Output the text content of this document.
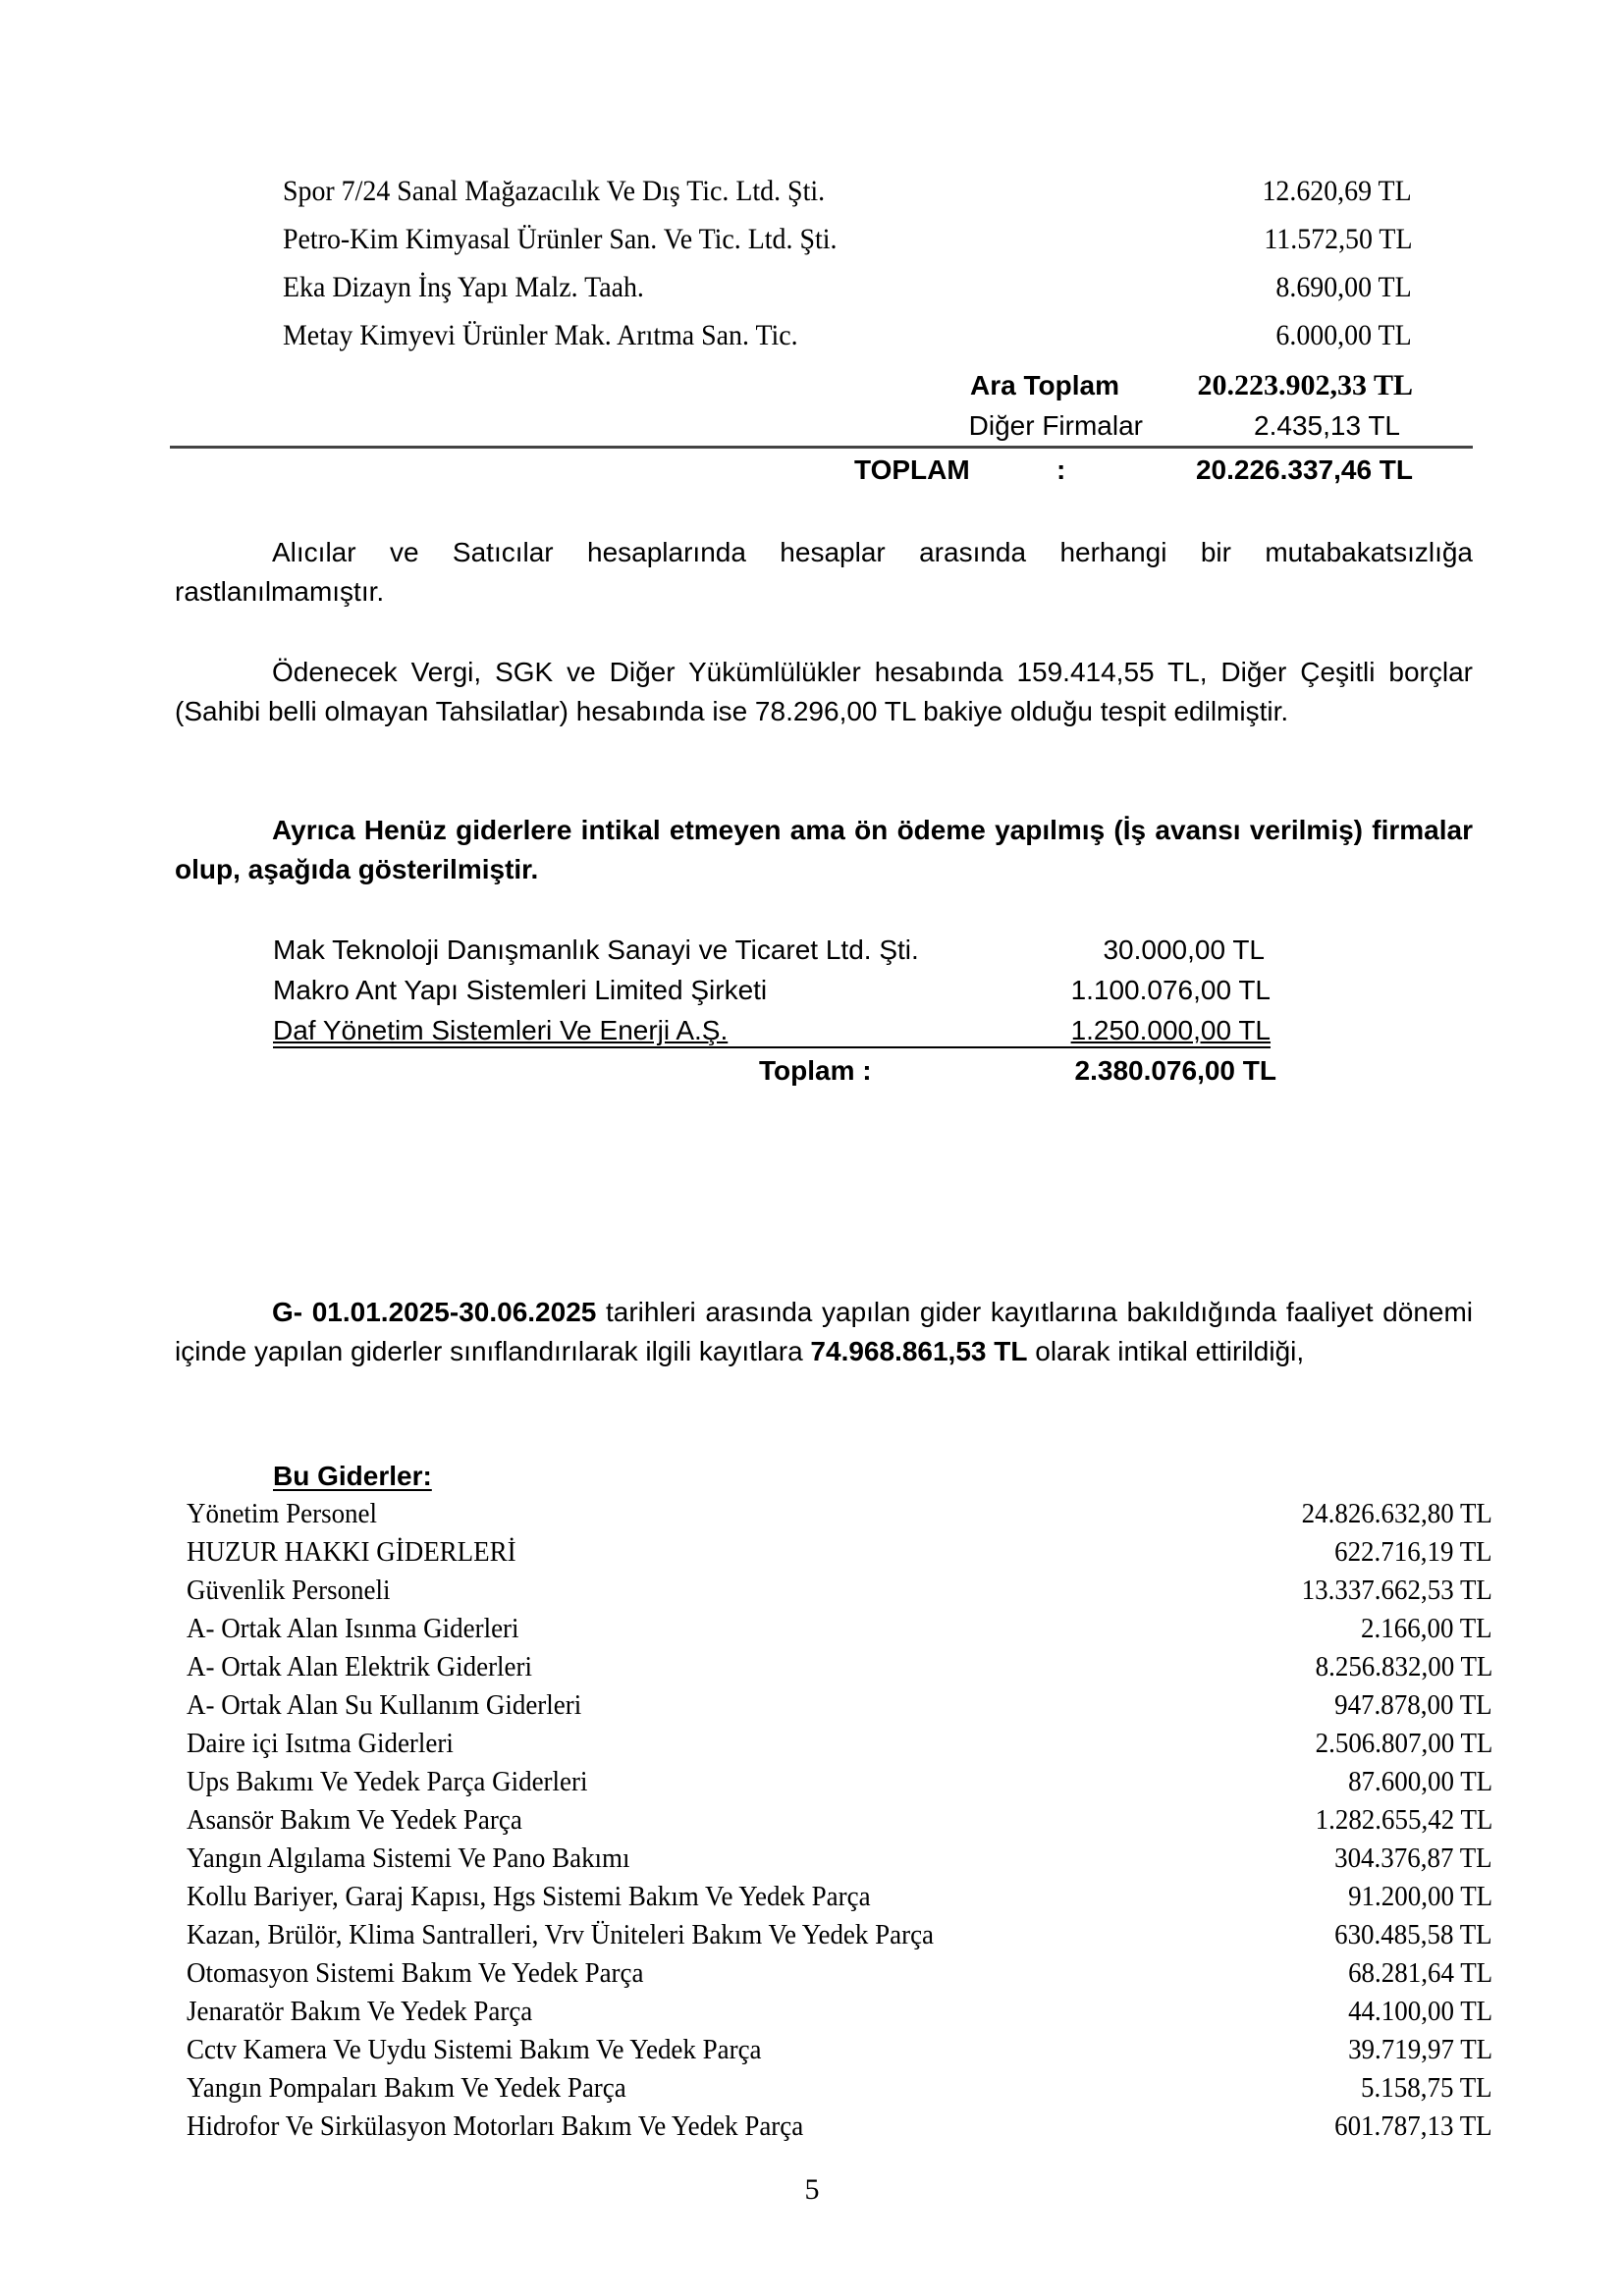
Spor 7/24 Sanal Mağazacılık Ve Dış Tic. Ltd. Şti.	12.620,69 TL
Petro-Kim Kimyasal Ürünler San. Ve Tic. Ltd. Şti.	11.572,50 TL
Eka Dizayn İnş Yapı Malz. Taah.	8.690,00 TL
Metay Kimyevi Ürünler Mak. Arıtma San. Tic.	6.000,00 TL
Ara Toplam	20.223.902,33 TL
Diğer Firmalar	2.435,13 TL
TOPLAM	:	20.226.337,46 TL
Alıcılar ve Satıcılar hesaplarında hesaplar arasında herhangi bir mutabakatsızlığa rastlanılmamıştır.
Ödenecek Vergi, SGK ve Diğer Yükümlülükler hesabında 159.414,55 TL, Diğer Çeşitli borçlar (Sahibi belli olmayan Tahsilatlar) hesabında ise 78.296,00 TL bakiye olduğu tespit edilmiştir.
Ayrıca Henüz giderlere intikal etmeyen ama ön ödeme yapılmış (İş avansı verilmiş) firmalar olup, aşağıda gösterilmiştir.
Mak Teknoloji Danışmanlık Sanayi ve Ticaret Ltd. Şti.	30.000,00 TL
Makro Ant Yapı Sistemleri Limited Şirketi	1.100.076,00 TL
Daf Yönetim Sistemleri Ve Enerji A.Ş.	1.250.000,00 TL
Toplam :	2.380.076,00 TL
G- 01.01.2025-30.06.2025 tarihleri arasında yapılan gider kayıtlarına bakıldığında faaliyet dönemi içinde yapılan giderler sınıflandırılarak ilgili kayıtlara 74.968.861,53 TL olarak intikal ettirildiği,
Bu Giderler:
Yönetim Personel	24.826.632,80 TL
HUZUR HAKKI GİDERLERİ	622.716,19 TL
Güvenlik Personeli	13.337.662,53 TL
A- Ortak Alan Isınma Giderleri	2.166,00 TL
A- Ortak Alan Elektrik Giderleri	8.256.832,00 TL
A- Ortak Alan Su Kullanım Giderleri	947.878,00 TL
Daire içi Isıtma Giderleri	2.506.807,00 TL
Ups Bakımı Ve Yedek Parça Giderleri	87.600,00 TL
Asansör Bakım Ve Yedek Parça	1.282.655,42 TL
Yangın Algılama Sistemi Ve Pano Bakımı	304.376,87 TL
Kollu Bariyer, Garaj Kapısı, Hgs Sistemi Bakım Ve Yedek Parça	91.200,00 TL
Kazan, Brülör, Klima Santralleri, Vrv Üniteleri Bakım Ve Yedek Parça	630.485,58 TL
Otomasyon Sistemi Bakım Ve Yedek Parça	68.281,64 TL
Jenaratör Bakım Ve Yedek Parça	44.100,00 TL
Cctv Kamera Ve Uydu Sistemi Bakım Ve Yedek Parça	39.719,97 TL
Yangın Pompaları Bakım Ve Yedek Parça	5.158,75 TL
Hidrofor Ve Sirkülasyon Motorları Bakım Ve Yedek Parça	601.787,13 TL
5
